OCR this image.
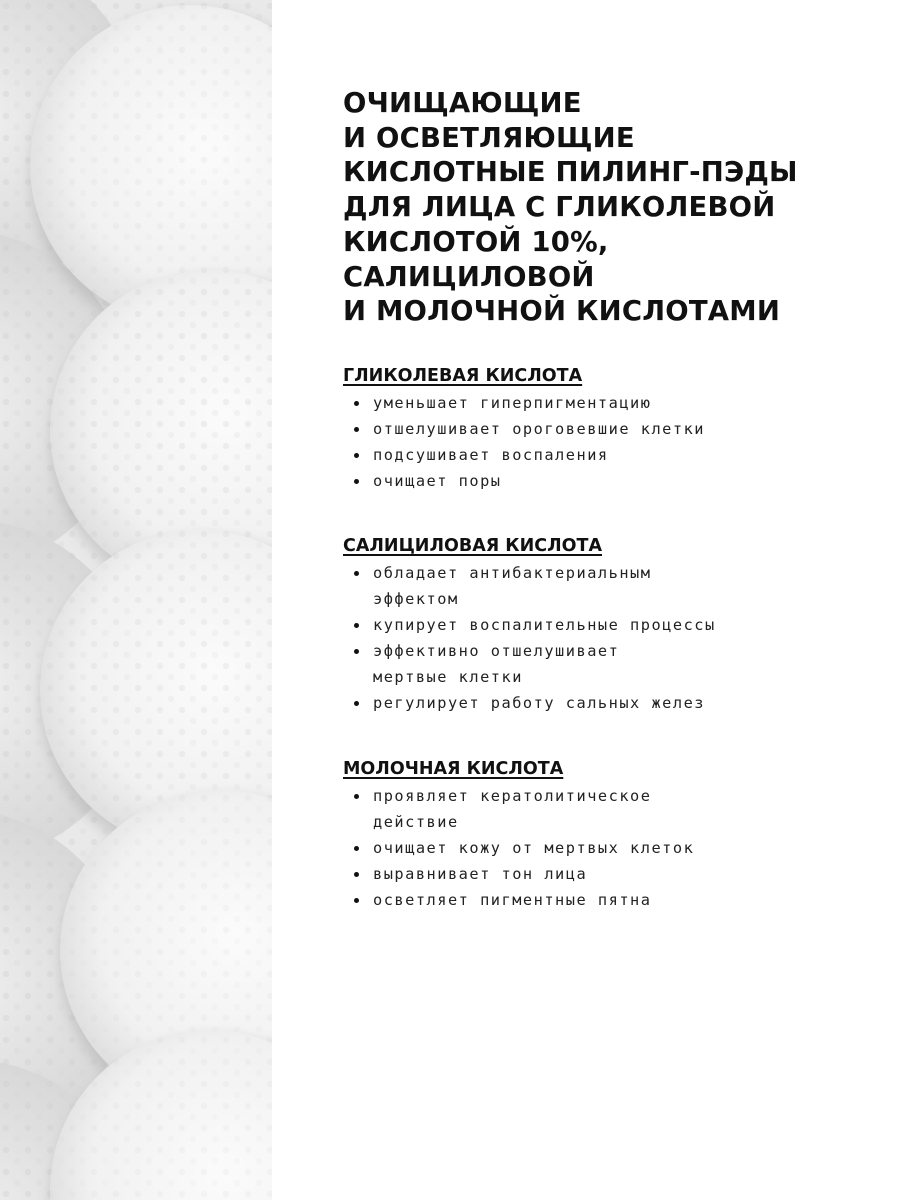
ОЧИЩАЮЩИЕ
И ОСВЕТЛЯЮЩИЕ
КИСЛОТНЫЕ ПИЛИНГ-ПЭДЫ
ДЛЯ ЛИЦА С ГЛИКОЛЕВОЙ
КИСЛОТОЙ 10%,
САЛИЦИЛОВОЙ
И МОЛОЧНОЙ КИСЛОТАМИ
ГЛИКОЛЕВАЯ КИСЛОТА
уменьшает гиперпигментацию
отшелушивает ороговевшие клетки
подсушивает воспаления
очищает поры
САЛИЦИЛОВАЯ КИСЛОТА
обладает антибактериальным
эффектом
купирует воспалительные процессы
эффективно отшелушивает
мертвые клетки
регулирует работу сальных желез
МОЛОЧНАЯ КИСЛОТА
проявляет кератолитическое
действие
очищает кожу от мертвых клеток
выравнивает тон лица
осветляет пигментные пятна
